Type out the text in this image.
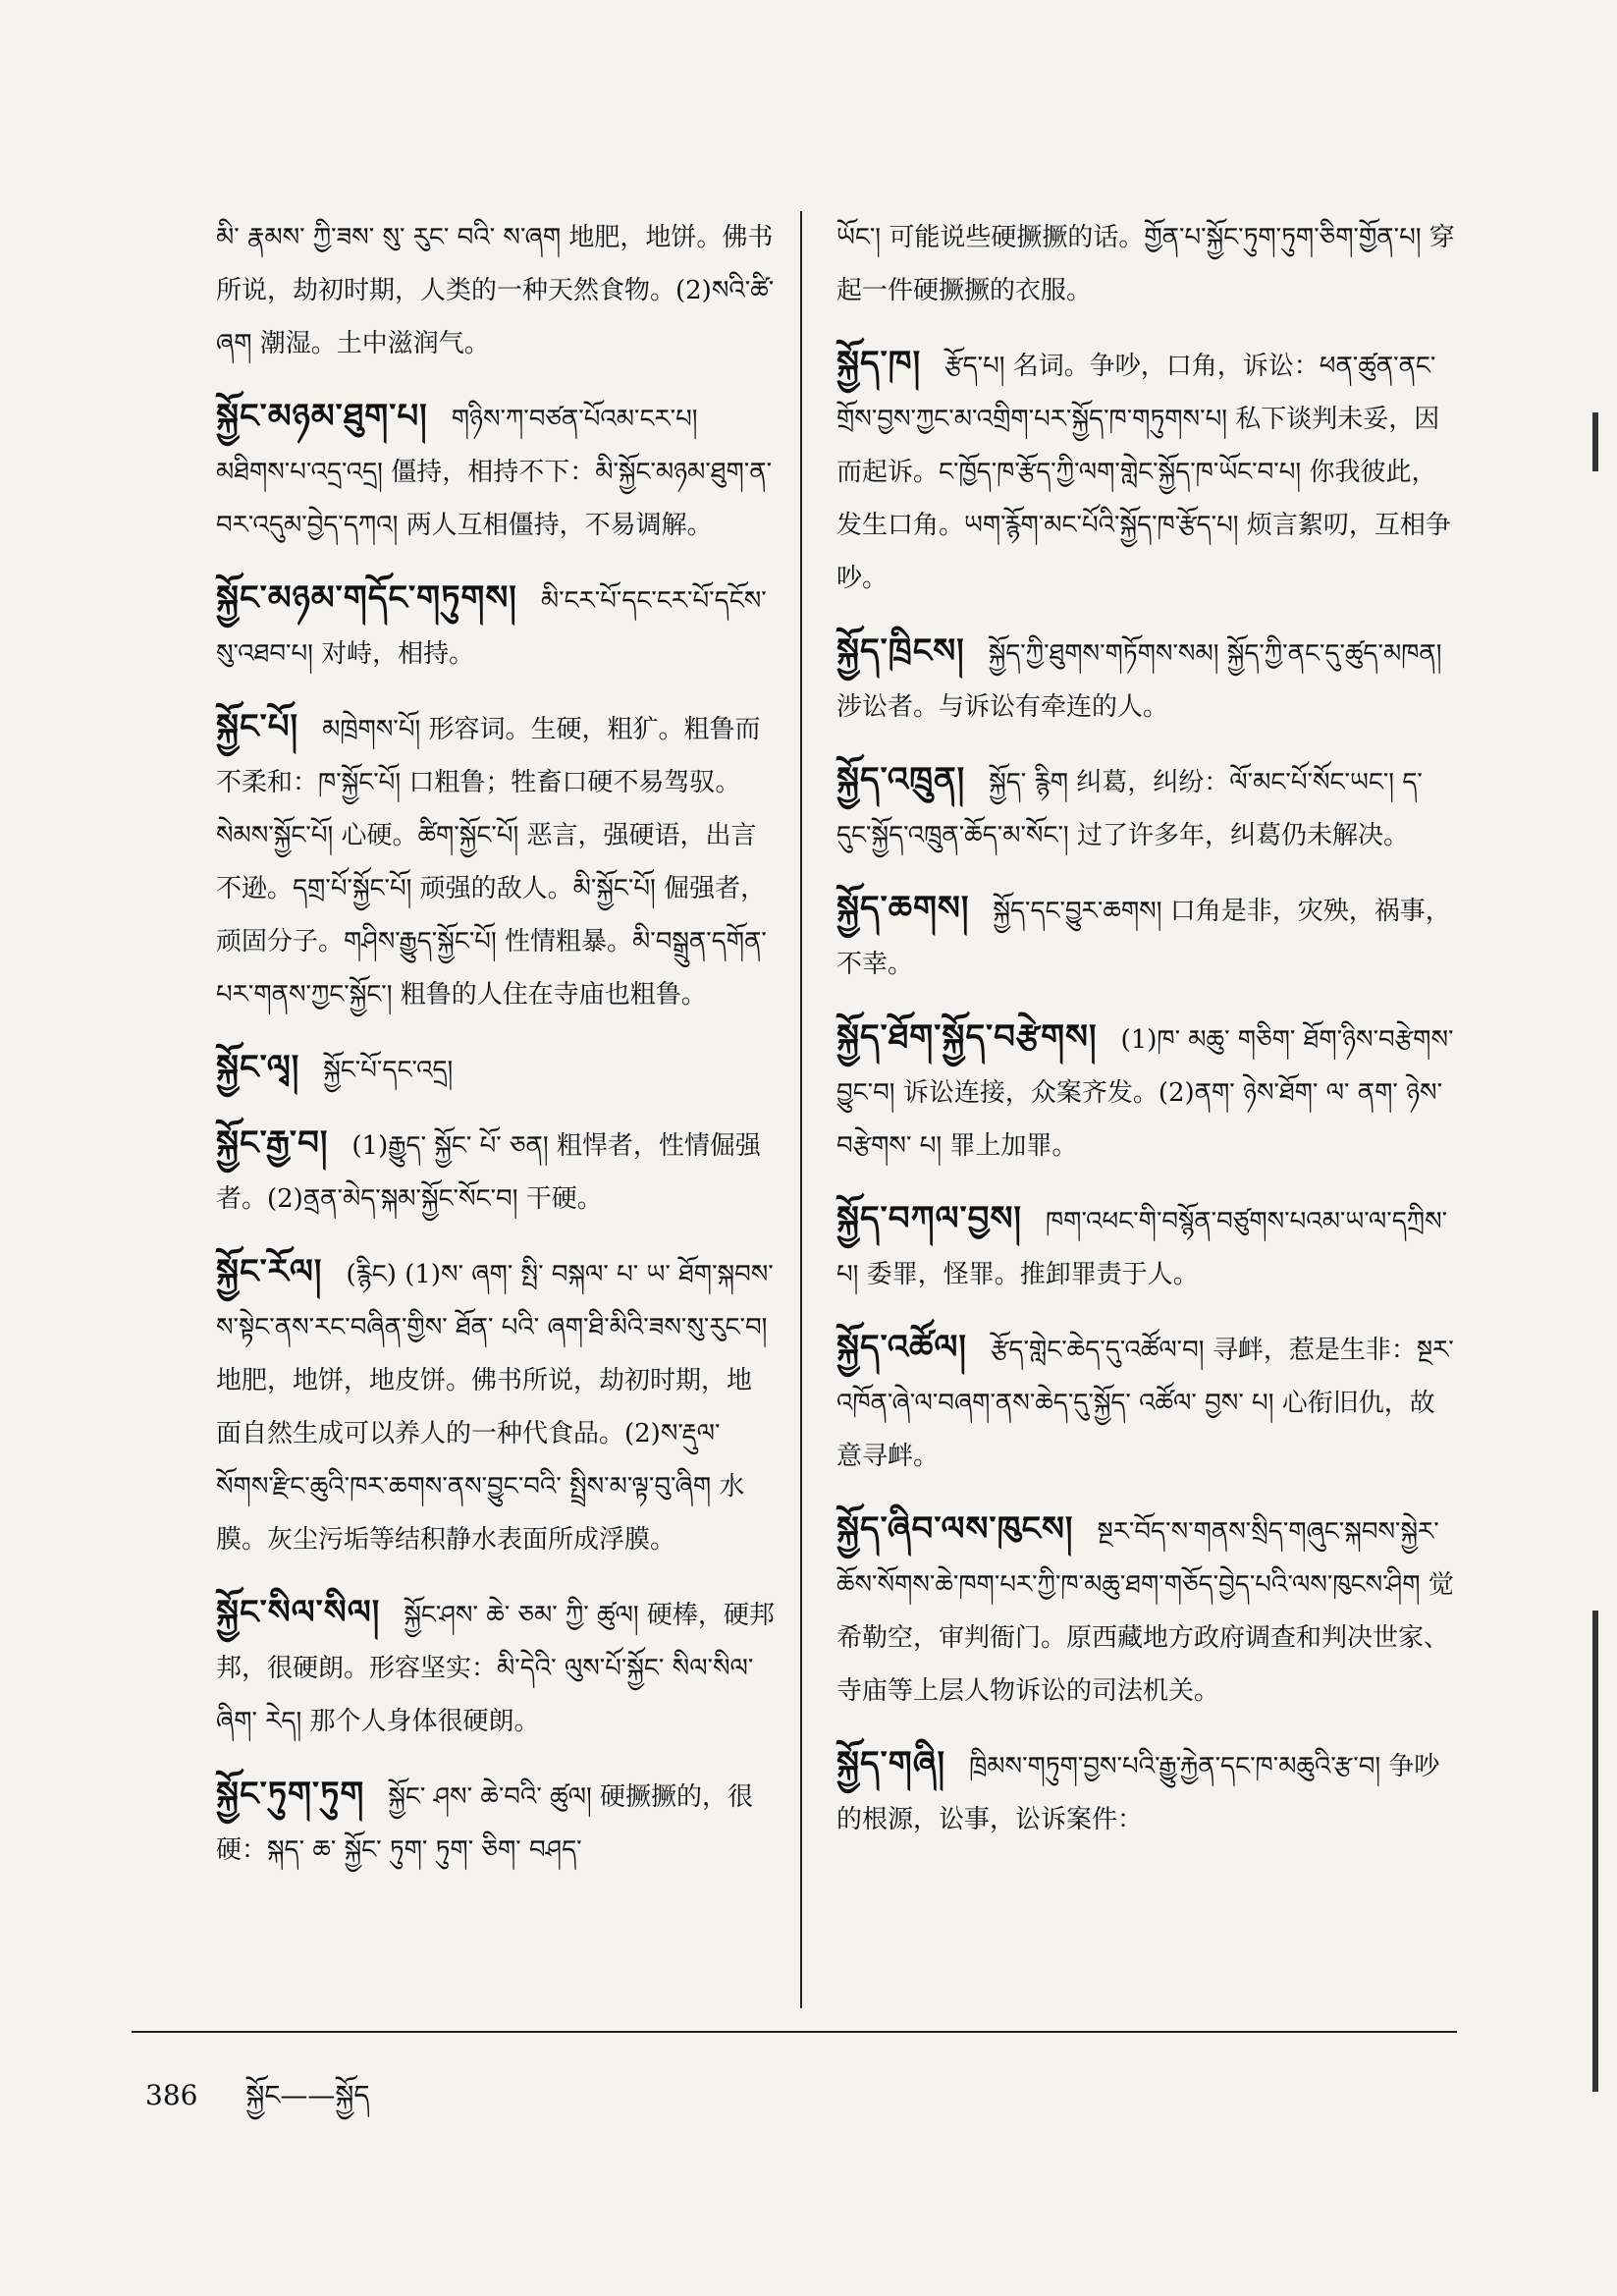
མི་ རྣམས་ ཀྱི་ཟས་ སུ་ རུང་ བའི་ ས་ཞག 地肥，地饼。佛书所说，劫初时期，人类的一种天然食物。(2)སའི་ཚི་ཞག 潮湿。土中滋润气。
སྐྱོང་མཉམ་ཐུག་པ། གཉིས་ཀ་བཙན་པོའམ་ངར་པ། མཐིགས་པ་འདྲ་འདྲ། 僵持，相持不下：མི་སྐྱོང་མཉམ་ཐུག་ན་བར་འདུམ་བྱེད་དཀའ། 两人互相僵持，不易调解。
སྐྱོང་མཉམ་གདོང་གཏུགས། མི་ངར་པོ་དང་ངར་པོ་དངོས་སུ་འཐབ་པ། 对峙，相持。
སྐྱོང་པོ། མཁྲེགས་པོ། 形容词。生硬，粗犷。粗鲁而不柔和：ཁ་སྐྱོང་པོ། 口粗鲁；牲畜口硬不易驾驭。སེམས་སྐྱོང་པོ། 心硬。ཚིག་སྐྱོང་པོ། 恶言，强硬语，出言不逊。དགྲ་པོ་སྐྱོང་པོ། 顽强的敌人。མི་སྐྱོང་པོ། 倔强者，顽固分子。གཤིས་རྒྱུད་སྐྱོང་པོ། 性情粗暴。མི་བསྒྲུན་དགོན་པར་གནས་ཀྱང་སྐྱོང་། 粗鲁的人住在寺庙也粗鲁。
སྐྱོང་ལྭ། སྐྱོང་པོ་དང་འདྲ།
སྐྱོང་རྒྱ་བ། (1)རྒྱུད་ སྐྱོང་ པོ་ ཅན། 粗悍者，性情倔强者。(2)ནྲན་མེད་སྐམ་སྐྱོང་སོང་བ། 干硬。
སྐྱོང་རོལ། (རྙིང) (1)ས་ ཞག་ སྤི་ བསྐལ་ པ་ ཡ་ ཐོག་སྐབས་ས་སྟེང་ནས་རང་བཞིན་གྱིས་ ཐོན་ པའི་ ཞག་ཐི་མིའི་ཟས་སུ་རུང་བ། 地肥，地饼，地皮饼。佛书所说，劫初时期，地面自然生成可以养人的一种代食品。(2)ས་རྡུལ་སོགས་རྫིང་ཆུའི་ཁར་ཆགས་ནས་བྱུང་བའི་ སྤྲིས་མ་ལྟ་བུ་ཞིག 水膜。灰尘污垢等结积静水表面所成浮膜。
སྐྱོང་སིལ་སིལ། སྐྱོང་ཤས་ ཆེ་ ཅམ་ ཀྱི་ ཚུལ། 硬棒，硬邦邦，很硬朗。形容坚实：མི་དེའི་ ལུས་པོ་སྐྱོང་ སིལ་སིལ་ ཞིག་ རེད། 那个人身体很硬朗。
སྐྱོང་ཏུག་ཏུག སྐྱོང་ ཤས་ ཆེ་བའི་ ཚུལ། 硬撅撅的，很硬：སྐད་ ཆ་ སྐྱོང་ ཏུག་ ཏུག་ ཅིག་ བཤད་
ཡོང་། 可能说些硬撅撅的话。གྱོན་པ་སྐྱོང་ཏུག་ཏུག་ཅིག་གྱོན་པ། 穿起一件硬撅撅的衣服。
སྐྱོད་ཁ། རྩོད་པ། 名词。争吵，口角，诉讼：ཕན་ཚུན་ནང་གྲོས་བྱས་ཀྱང་མ་འགྲིག་པར་སྐྱོད་ཁ་གཏུགས་པ། 私下谈判未妥，因而起诉。ང་ཁྱོད་ཁ་རྩོད་ཀྱི་ལག་གླེང་སྐྱོད་ཁ་ཡོང་བ་པ། 你我彼此，发生口角。ཡག་རྙོག་མང་པོའི་སྐྱོད་ཁ་རྩོད་པ། 烦言絮叨，互相争吵。
སྐྱོད་ཁྲིངས། སྐྱོད་ཀྱི་ཐུགས་གཏོགས་སམ། སྐྱོད་ཀྱི་ནང་དུ་ཚུད་མཁན། 涉讼者。与诉讼有牵连的人。
སྐྱོད་འཁྲུན། སྐྱོད་ རྙིག 纠葛，纠纷：ལོ་མང་པོ་སོང་ཡང་། ད་དུང་སྐྱོད་འཁྲུན་ཆོད་མ་སོང་། 过了许多年，纠葛仍未解决。
སྐྱོད་ཆགས། སྐྱོད་དང་བྱུར་ཆགས། 口角是非，灾殃，祸事，不幸。
སྐྱོད་ཐོག་སྐྱོད་བརྩེགས། (1)ཁ་ མཆུ་ གཅིག་ ཐོག་ཉིས་བརྩེགས་བྱུང་བ། 诉讼连接，众案齐发。(2)ནག་ ཉེས་ཐོག་ ལ་ ནག་ ཉེས་ བརྩེགས་ པ། 罪上加罪。
སྐྱོད་བཀལ་བྱས། ཁག་འཕང་གི་བསྙོན་བཙུགས་པའམ་ཡ་ལ་དཀྲིས་ པ། 委罪，怪罪。推卸罪责于人。
སྐྱོད་འཚོལ། རྩོད་གླེང་ཆེད་དུ་འཚོལ་བ། 寻衅，惹是生非：སྔར་འཁོན་ཞེ་ལ་བཞག་ནས་ཆེད་དུ་སྐྱོད་ འཚོལ་ བྱས་ པ། 心衔旧仇，故意寻衅。
སྐྱོད་ཞིབ་ལས་ཁུངས། སྔར་བོད་ས་གནས་སྲིད་གཞུང་སྐབས་སྐྱེར་ཆོས་སོགས་ཆེ་ཁག་པར་ཀྱི་ཁ་མཆུ་ཐག་གཅོད་བྱེད་པའི་ལས་ཁུངས་ཤིག 觉希勒空，审判衙门。原西藏地方政府调查和判决世家、寺庙等上层人物诉讼的司法机关。
སྐྱོད་གཞི། ཁྲིམས་གཏུག་བྱས་པའི་རྒྱུ་རྐྱེན་དང་ཁ་མཆུའི་རྩ་བ། 争吵的根源，讼事，讼诉案件：
386 སྐྱོང——སྐྱོད
